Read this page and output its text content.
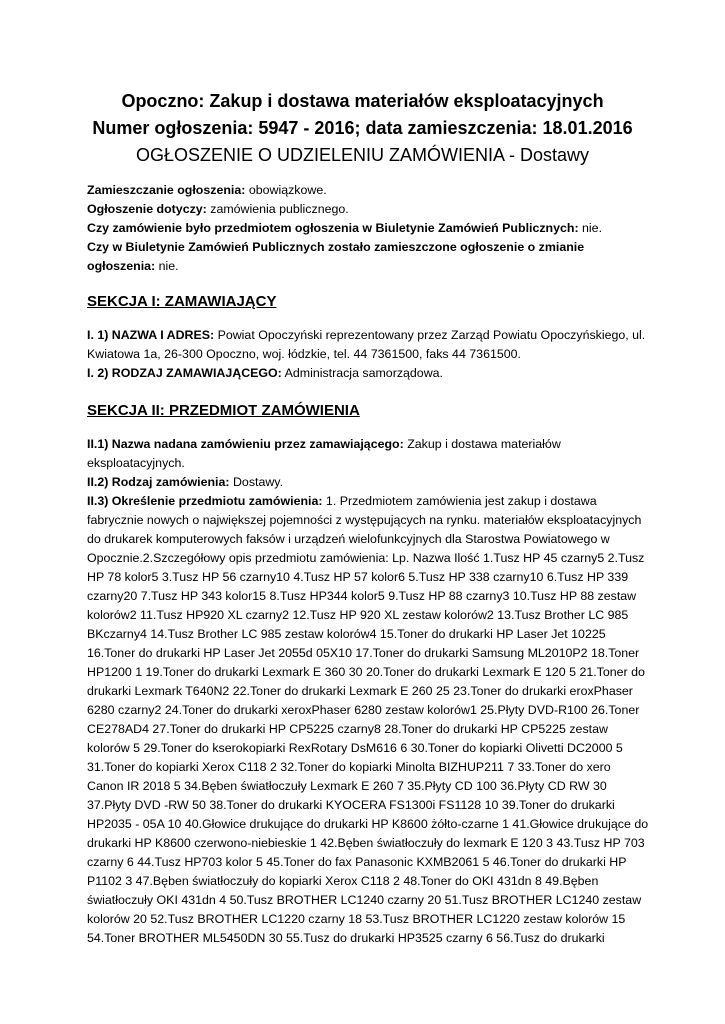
Opoczno: Zakup i dostawa materiałów eksploatacyjnych
Numer ogłoszenia: 5947 - 2016; data zamieszczenia: 18.01.2016
OGŁOSZENIE O UDZIELENIU ZAMÓWIENIA - Dostawy
Zamieszczanie ogłoszenia: obowiązkowe.
Ogłoszenie dotyczy: zamówienia publicznego.
Czy zamówienie było przedmiotem ogłoszenia w Biuletynie Zamówień Publicznych: nie.
Czy w Biuletynie Zamówień Publicznych zostało zamieszczone ogłoszenie o zmianie
ogłoszenia: nie.
SEKCJA I: ZAMAWIAJĄCY
I. 1) NAZWA I ADRES: Powiat Opoczyński reprezentowany przez Zarząd Powiatu Opoczyńskiego, ul.
Kwiatowa 1a, 26-300 Opoczno, woj. łódzkie, tel. 44 7361500, faks 44 7361500.
I. 2) RODZAJ ZAMAWIAJĄCEGO: Administracja samorządowa.
SEKCJA II: PRZEDMIOT ZAMÓWIENIA
II.1) Nazwa nadana zamówieniu przez zamawiającego: Zakup i dostawa materiałów
eksploatacyjnych.
II.2) Rodzaj zamówienia: Dostawy.
II.3) Określenie przedmiotu zamówienia: 1. Przedmiotem zamówienia jest zakup i dostawa
fabrycznie nowych o największej pojemności z występujących na rynku. materiałów eksploatacyjnych
do drukarek komputerowych faksów i urządzeń wielofunkcyjnych dla Starostwa Powiatowego w
Opocznie.2.Szczegółowy opis przedmiotu zamówienia: Lp. Nazwa Ilość 1.Tusz HP 45 czarny5 2.Tusz
HP 78 kolor5 3.Tusz HP 56 czarny10 4.Tusz HP 57 kolor6 5.Tusz HP 338 czarny10 6.Tusz HP 339
czarny20 7.Tusz HP 343 kolor15 8.Tusz HP344 kolor5 9.Tusz HP 88 czarny3 10.Tusz HP 88 zestaw
kolorów2 11.Tusz HP920 XL czarny2 12.Tusz HP 920 XL zestaw kolorów2 13.Tusz Brother LC 985
BKczarny4 14.Tusz Brother LC 985 zestaw kolorów4 15.Toner do drukarki HP Laser Jet 10225
16.Toner do drukarki HP Laser Jet 2055d 05X10 17.Toner do drukarki Samsung ML2010P2 18.Toner
HP1200 1 19.Toner do drukarki Lexmark E 360 30 20.Toner do drukarki Lexmark E 120 5 21.Toner do
drukarki Lexmark T640N2 22.Toner do drukarki Lexmark E 260 25 23.Toner do drukarki eroxPhaser
6280 czarny2 24.Toner do drukarki xeroxPhaser 6280 zestaw kolorów1 25.Płyty DVD-R100 26.Toner
CE278AD4 27.Toner do drukarki HP CP5225 czarny8 28.Toner do drukarki HP CP5225 zestaw
kolorów 5 29.Toner do kserokopiarki RexRotary DsM616 6 30.Toner do kopiarki Olivetti DC2000 5
31.Toner do kopiarki Xerox C118 2 32.Toner do kopiarki Minolta BIZHUP211 7 33.Toner do xero
Canon IR 2018 5 34.Bęben światłoczuły Lexmark E 260 7 35.Płyty CD 100 36.Płyty CD RW 30
37.Płyty DVD -RW 50 38.Toner do drukarki KYOCERA FS1300i FS1128 10 39.Toner do drukarki
HP2035 - 05A 10 40.Głowice drukujące do drukarki HP K8600 żółto-czarne 1 41.Głowice drukujące do
drukarki HP K8600 czerwono-niebieskie 1 42.Bęben światłoczuły do lexmark E 120 3 43.Tusz HP 703
czarny 6 44.Tusz HP703 kolor 5 45.Toner do fax Panasonic KXMB2061 5 46.Toner do drukarki HP
P1102 3 47.Bęben światłoczuły do kopiarki Xerox C118 2 48.Toner do OKI 431dn 8 49.Bęben
światłoczuły OKI 431dn 4 50.Tusz BROTHER LC1240 czarny 20 51.Tusz BROTHER LC1240 zestaw
kolorów 20 52.Tusz BROTHER LC1220 czarny 18 53.Tusz BROTHER LC1220 zestaw kolorów 15
54.Toner BROTHER ML5450DN 30 55.Tusz do drukarki HP3525 czarny 6 56.Tusz do drukarki
